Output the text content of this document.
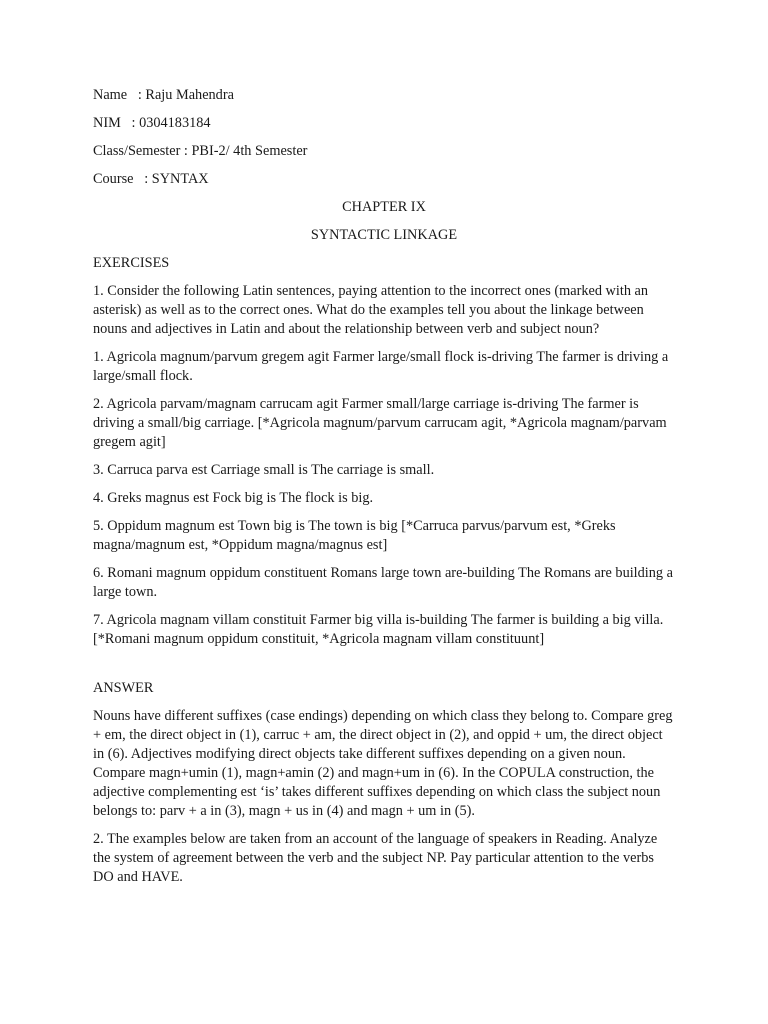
Name   : Raju Mahendra

NIM   : 0304183184

Class/Semester : PBI-2/ 4th Semester

Course   : SYNTAX

CHAPTER IX

SYNTACTIC LINKAGE

EXERCISES

1. Consider the following Latin sentences, paying attention to the incorrect ones (marked with an asterisk) as well as to the correct ones. What do the examples tell you about the linkage between nouns and adjectives in Latin and about the relationship between verb and subject noun?

1. Agricola magnum/parvum gregem agit Farmer large/small flock is-driving The farmer is driving a large/small flock.

2. Agricola parvam/magnam carrucam agit Farmer small/large carriage is-driving The farmer is driving a small/big carriage. [*Agricola magnum/parvum carrucam agit, *Agricola magnam/parvam gregem agit]

3. Carruca parva est Carriage small is The carriage is small.

4. Greks magnus est Fock big is The flock is big.

5. Oppidum magnum est Town big is The town is big [*Carruca parvus/parvum est, *Greks magna/magnum est, *Oppidum magna/magnus est]

6. Romani magnum oppidum constituent Romans large town are-building The Romans are building a large town.

7. Agricola magnam villam constituit Farmer big villa is-building The farmer is building a big villa. [*Romani magnum oppidum constituit, *Agricola magnam villam constituunt]

ANSWER

Nouns have different suffixes (case endings) depending on which class they belong to. Compare greg + em, the direct object in (1), carruc + am, the direct object in (2), and oppid + um, the direct object in (6). Adjectives modifying direct objects take different suffixes depending on a given noun. Compare magn+umin (1), magn+amin (2) and magn+um in (6). In the COPULA construction, the adjective complementing est ‘is’ takes different suffixes depending on which class the subject noun belongs to: parv + a in (3), magn + us in (4) and magn + um in (5).

2. The examples below are taken from an account of the language of speakers in Reading. Analyze the system of agreement between the verb and the subject NP. Pay particular attention to the verbs DO and HAVE.
